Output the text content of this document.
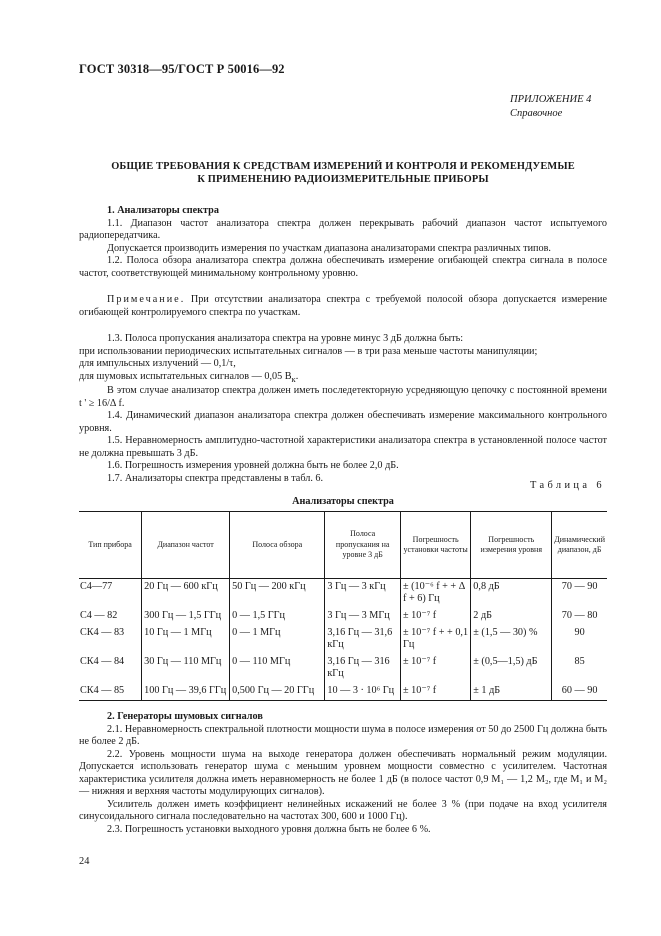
ГОСТ 30318—95/ГОСТ Р 50016—92
ПРИЛОЖЕНИЕ 4
Справочное
ОБЩИЕ ТРЕБОВАНИЯ К СРЕДСТВАМ ИЗМЕРЕНИЙ И КОНТРОЛЯ И РЕКОМЕНДУЕМЫЕ
К ПРИМЕНЕНИЮ РАДИОИЗМЕРИТЕЛЬНЫЕ ПРИБОРЫ

1. Анализаторы спектра

1.1. Диапазон частот анализатора спектра должен перекрывать рабочий диапазон частот испытуемого радиопередатчика.

Допускается производить измерения по участкам диапазона анализаторами спектра различных типов.

1.2. Полоса обзора анализатора спектра должна обеспечивать измерение огибающей спектра сигнала в полосе частот, соответствующей минимальному контрольному уровню.

Примечание. При отсутствии анализатора спектра с требуемой полосой обзора допускается измерение огибающей контролируемого спектра по участкам.

1.3. Полоса пропускания анализатора спектра на уровне минус 3 дБ должна быть:

при использовании периодических испытательных сигналов — в три раза меньше частоты манипуляции;

для импульсных излучений — 0,1/τ,

для шумовых испытательных сигналов — 0,05 $B_к$.

В этом случае анализатор спектра должен иметь последетекторную усредняющую цепочку с постоянной времени t ' ≥ 16/Δ f.

1.4. Динамический диапазон анализатора спектра должен обеспечивать измерение максимального контрольного уровня.

1.5. Неравномерность амплитудно-частотной характеристики анализатора спектра в установленной полосе частот не должна превышать 3 дБ.

1.6. Погрешность измерения уровней должна быть не более 2,0 дБ.

1.7. Анализаторы спектра представлены в табл. 6.

Таблица 6
Анализаторы спектра
Тип прибора	Диапазон частот	Полоса обзора	Полоса пропускания на уровне 3 дБ	Погрешность установки частоты	Погрешность измерения уровня	Динамический диапазон, дБ
С4—77	20 Гц — 600 кГц	50 Гц — 200 кГц	3 Гц — 3 кГц	± (10⁻⁶ f + + Δ f + 6) Гц	0,8 дБ	70 — 90
С4 — 82	300 Гц — 1,5 ГГц	0 — 1,5 ГГц	3 Гц — 3 МГц	± 10⁻⁷ f	2 дБ	70 — 80
СК4 — 83	10 Гц — 1 МГц	0 — 1 МГц	3,16 Гц — 31,6 кГц	± 10⁻⁷ f + + 0,1 Гц	± (1,5 — 30) %	90
СК4 — 84	30 Гц — 110 МГц	0 — 110 МГц	3,16 Гц — 316 кГц	± 10⁻⁷ f	± (0,5—1,5) дБ	85
СК4 — 85	100 Гц — 39,6 ГГц	0,500 Гц — 20 ГГц	10 — 3 · 10⁶ Гц	± 10⁻⁷ f	± 1 дБ	60 — 90

2. Генераторы шумовых сигналов

2.1. Неравномерность спектральной плотности мощности шума в полосе измерения от 50 до 2500 Гц должна быть не более 2 дБ.

2.2. Уровень мощности шума на выходе генератора должен обеспечивать нормальный режим модуляции. Допускается использовать генератор шума с меньшим уровнем мощности совместно с усилителем. Частотная характеристика усилителя должна иметь неравномерность не более 1 дБ (в полосе частот 0,9 M₁ — 1,2 M₂, где M₁ и M₂ — нижняя и верхняя частоты модулирующих сигналов).

Усилитель должен иметь коэффициент нелинейных искажений не более 3 % (при подаче на вход усилителя синусоидального сигнала последовательно на частотах 300, 600 и 1000 Гц).

2.3. Погрешность установки выходного уровня должна быть не более 6 %.

24
